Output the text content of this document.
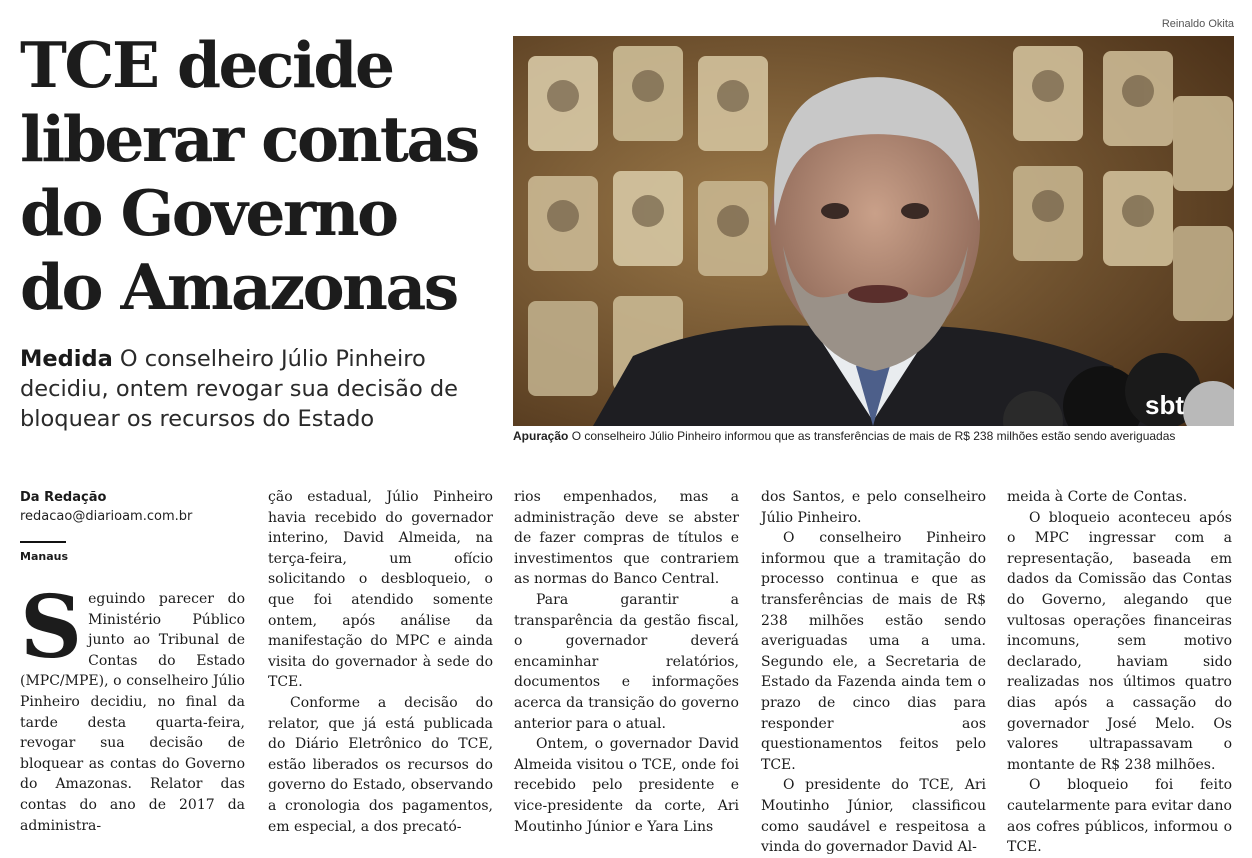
TCE decide liberar contas do Governo do Amazonas
Medida O conselheiro Júlio Pinheiro decidiu, ontem revogar sua decisão de bloquear os recursos do Estado
Reinaldo Okita
sbt
Apuração O conselheiro Júlio Pinheiro informou que as transferências de mais de R$ 238 milhões estão sendo averiguadas
Da Redação
redacao@diarioam.com.br
Manaus
S eguindo parecer do Ministério Público junto ao Tribunal de Contas do Estado (MPC/MPE), o conselheiro Júlio Pinheiro decidiu, no final da tarde desta quarta-feira, revogar sua decisão de bloquear as contas do Governo do Amazonas. Relator das contas do ano de 2017 da administra-

ção estadual, Júlio Pinheiro havia recebido do governador interino, David Almeida, na terça-feira, um ofício solicitando o desbloqueio, o que foi atendido somente ontem, após análise da manifestação do MPC e ainda visita do governador à sede do TCE.

Conforme a decisão do relator, que já está publicada do Diário Eletrônico do TCE, estão liberados os recursos do governo do Estado, observando a cronologia dos pagamentos, em especial, a dos precató-

rios empenhados, mas a administração deve se abster de fazer compras de títulos e investimentos que contrariem as normas do Banco Central.

Para garantir a transparência da gestão fiscal, o governador deverá encaminhar relatórios, documentos e informações acerca da transição do governo anterior para o atual.

Ontem, o governador David Almeida visitou o TCE, onde foi recebido pelo presidente e vice-presidente da corte, Ari Moutinho Júnior e Yara Lins

dos Santos, e pelo conselheiro Júlio Pinheiro.

O conselheiro Pinheiro informou que a tramitação do processo continua e que as transferências de mais de R$ 238 milhões estão sendo averiguadas uma a uma. Segundo ele, a Secretaria de Estado da Fazenda ainda tem o prazo de cinco dias para responder aos questionamentos feitos pelo TCE.

O presidente do TCE, Ari Moutinho Júnior, classificou como saudável e respeitosa a vinda do governador David Al-

meida à Corte de Contas.

O bloqueio aconteceu após o MPC ingressar com a representação, baseada em dados da Comissão das Contas do Governo, alegando que vultosas operações financeiras incomuns, sem motivo declarado, haviam sido realizadas nos últimos quatro dias após a cassação do governador José Melo. Os valores ultrapassavam o montante de R$ 238 milhões.

O bloqueio foi feito cautelarmente para evitar dano aos cofres públicos, informou o TCE.
